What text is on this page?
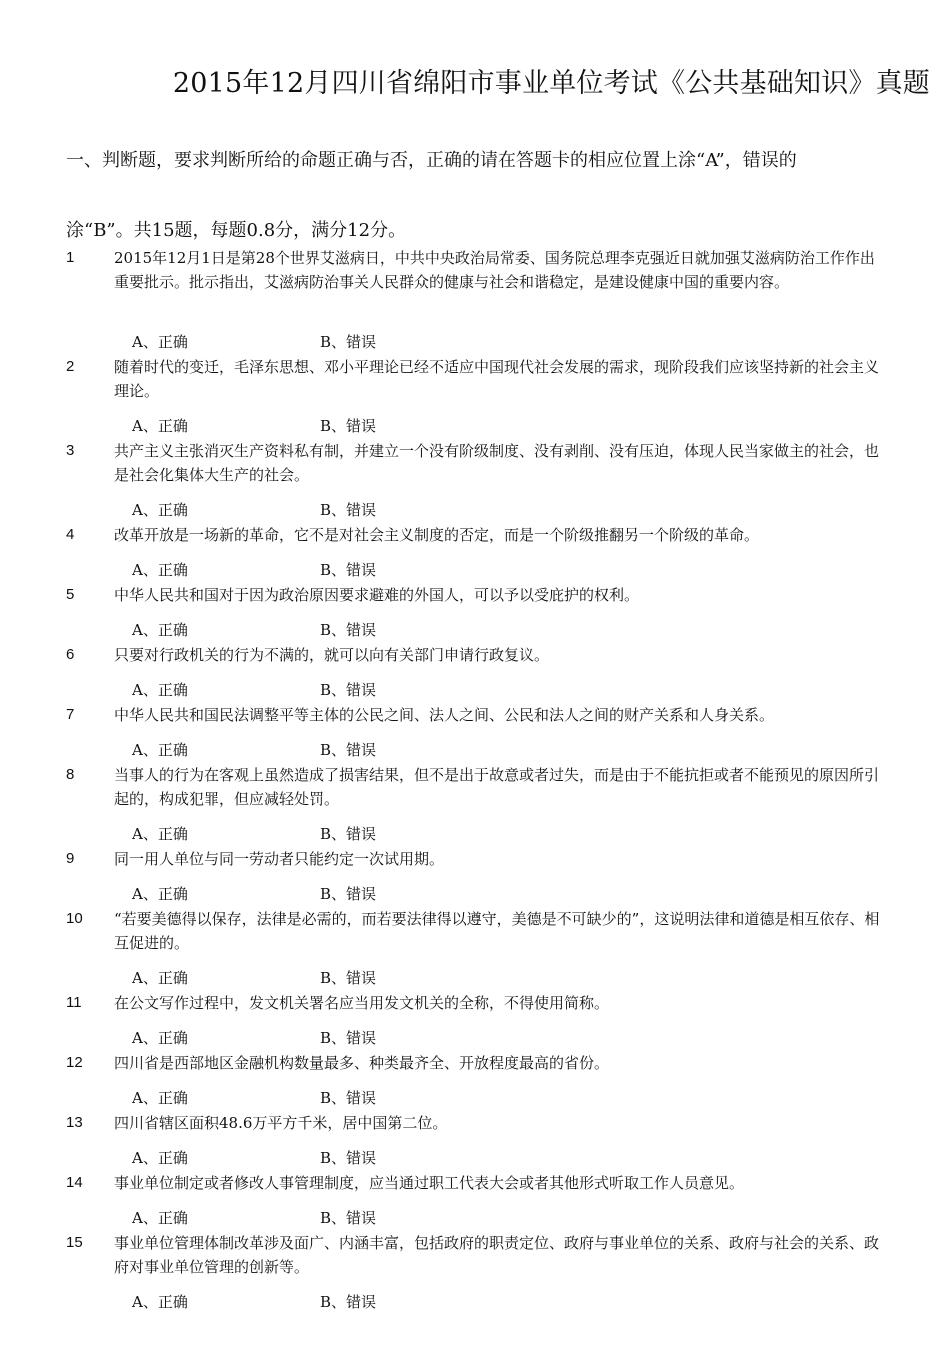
2015年12月四川省绵阳市事业单位考试《公共基础知识》真题
一、判断题，要求判断所给的命题正确与否，正确的请在答题卡的相应位置上涂“A”，错误的
涂“B”。共15题，每题0.8分，满分12分。
1	2015年12月1日是第28个世界艾滋病日，中共中央政治局常委、国务院总理李克强近日就加强艾滋病防治工作作出重要批示。批示指出，艾滋病防治事关人民群众的健康与社会和谐稳定，是建设健康中国的重要内容。
A、正确	B、错误
2	随着时代的变迁，毛泽东思想、邓小平理论已经不适应中国现代社会发展的需求，现阶段我们应该坚持新的社会主义理论。
A、正确	B、错误
3	共产主义主张消灭生产资料私有制，并建立一个没有阶级制度、没有剥削、没有压迫，体现人民当家做主的社会，也是社会化集体大生产的社会。
A、正确	B、错误
4	改革开放是一场新的革命，它不是对社会主义制度的否定，而是一个阶级推翻另一个阶级的革命。
A、正确	B、错误
5	中华人民共和国对于因为政治原因要求避难的外国人，可以予以受庇护的权利。
A、正确	B、错误
6	只要对行政机关的行为不满的，就可以向有关部门申请行政复议。
A、正确	B、错误
7	中华人民共和国民法调整平等主体的公民之间、法人之间、公民和法人之间的财产关系和人身关系。
A、正确	B、错误
8	当事人的行为在客观上虽然造成了损害结果，但不是出于故意或者过失，而是由于不能抗拒或者不能预见的原因所引起的，构成犯罪，但应减轻处罚。
A、正确	B、错误
9	同一用人单位与同一劳动者只能约定一次试用期。
A、正确	B、错误
10	“若要美德得以保存，法律是必需的，而若要法律得以遵守，美德是不可缺少的”，这说明法律和道德是相互依存、相互促进的。
A、正确	B、错误
11	在公文写作过程中，发文机关署名应当用发文机关的全称，不得使用简称。
A、正确	B、错误
12	四川省是西部地区金融机构数量最多、种类最齐全、开放程度最高的省份。
A、正确	B、错误
13	四川省辖区面积48.6万平方千米，居中国第二位。
A、正确	B、错误
14	事业单位制定或者修改人事管理制度，应当通过职工代表大会或者其他形式听取工作人员意见。
A、正确	B、错误
15	事业单位管理体制改革涉及面广、内涵丰富，包括政府的职责定位、政府与事业单位的关系、政府与社会的关系、政府对事业单位管理的创新等。
A、正确	B、错误
